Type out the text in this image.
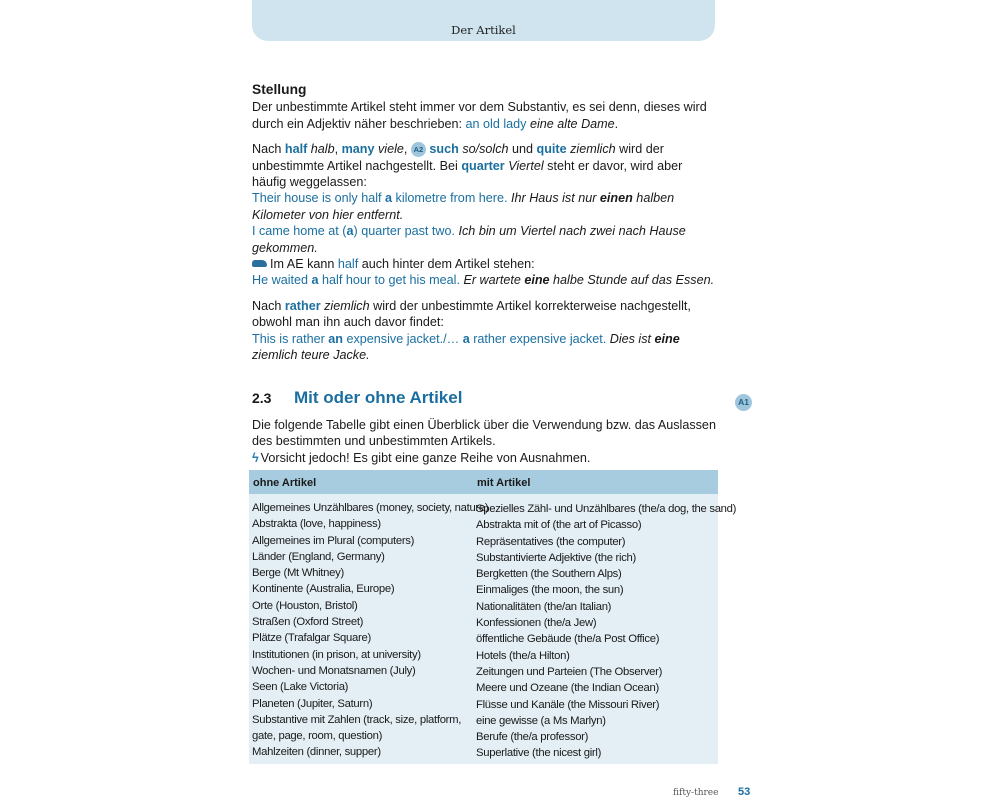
Der Artikel
Stellung

Der unbestimmte Artikel steht immer vor dem Substantiv, es sei denn, dieses wird durch ein Adjektiv näher beschrieben: an old lady eine alte Dame.

Nach half halb, many viele, A2 such so/solch und quite ziemlich wird der unbestimmte Artikel nachgestellt. Bei quarter Viertel steht er davor, wird aber häufig weggelassen:
Their house is only half a kilometre from here. Ihr Haus ist nur einen halben Kilometer von hier entfernt.
I came home at (a) quarter past two. Ich bin um Viertel nach zwei nach Hause gekommen.
Im AE kann half auch hinter dem Artikel stehen:
He waited a half hour to get his meal. Er wartete eine halbe Stunde auf das Essen.

Nach rather ziemlich wird der unbestimmte Artikel korrekterweise nachgestellt, obwohl man ihn auch davor findet:
This is rather an expensive jacket./… a rather expensive jacket. Dies ist eine ziemlich teure Jacke.

2.3 Mit oder ohne Artikel	A1
Die folgende Tabelle gibt einen Überblick über die Verwendung bzw. das Auslassen des bestimmten und unbestimmten Artikels.
ϟ Vorsicht jedoch! Es gibt eine ganze Reihe von Ausnahmen.
ohne Artikel	mit Artikel
Allgemeines Unzählbares (money, society, nature)
Abstrakta (love, happiness)
Allgemeines im Plural (computers)
Länder (England, Germany)
Berge (Mt Whitney)
Kontinente (Australia, Europe)
Orte (Houston, Bristol)
Straßen (Oxford Street)
Plätze (Trafalgar Square)
Institutionen (in prison, at university)
Wochen- und Monatsnamen (July)
Seen (Lake Victoria)
Planeten (Jupiter, Saturn)
Substantive mit Zahlen (track, size, platform,
gate, page, room, question)
Mahlzeiten (dinner, supper)
Spezielles Zähl- und Unzählbares (the/a dog, the sand)
Abstrakta mit of (the art of Picasso)
Repräsentatives (the computer)
Substantivierte Adjektive (the rich)
Bergketten (the Southern Alps)
Einmaliges (the moon, the sun)
Nationalitäten (the/an Italian)
Konfessionen (the/a Jew)
öffentliche Gebäude (the/a Post Office)
Hotels (the/a Hilton)
Zeitungen und Parteien (The Observer)
Meere und Ozeane (the Indian Ocean)
Flüsse und Kanäle (the Missouri River)
eine gewisse (a Ms Marlyn)
Berufe (the/a professor)
Superlative (the nicest girl)
fifty-three 53
